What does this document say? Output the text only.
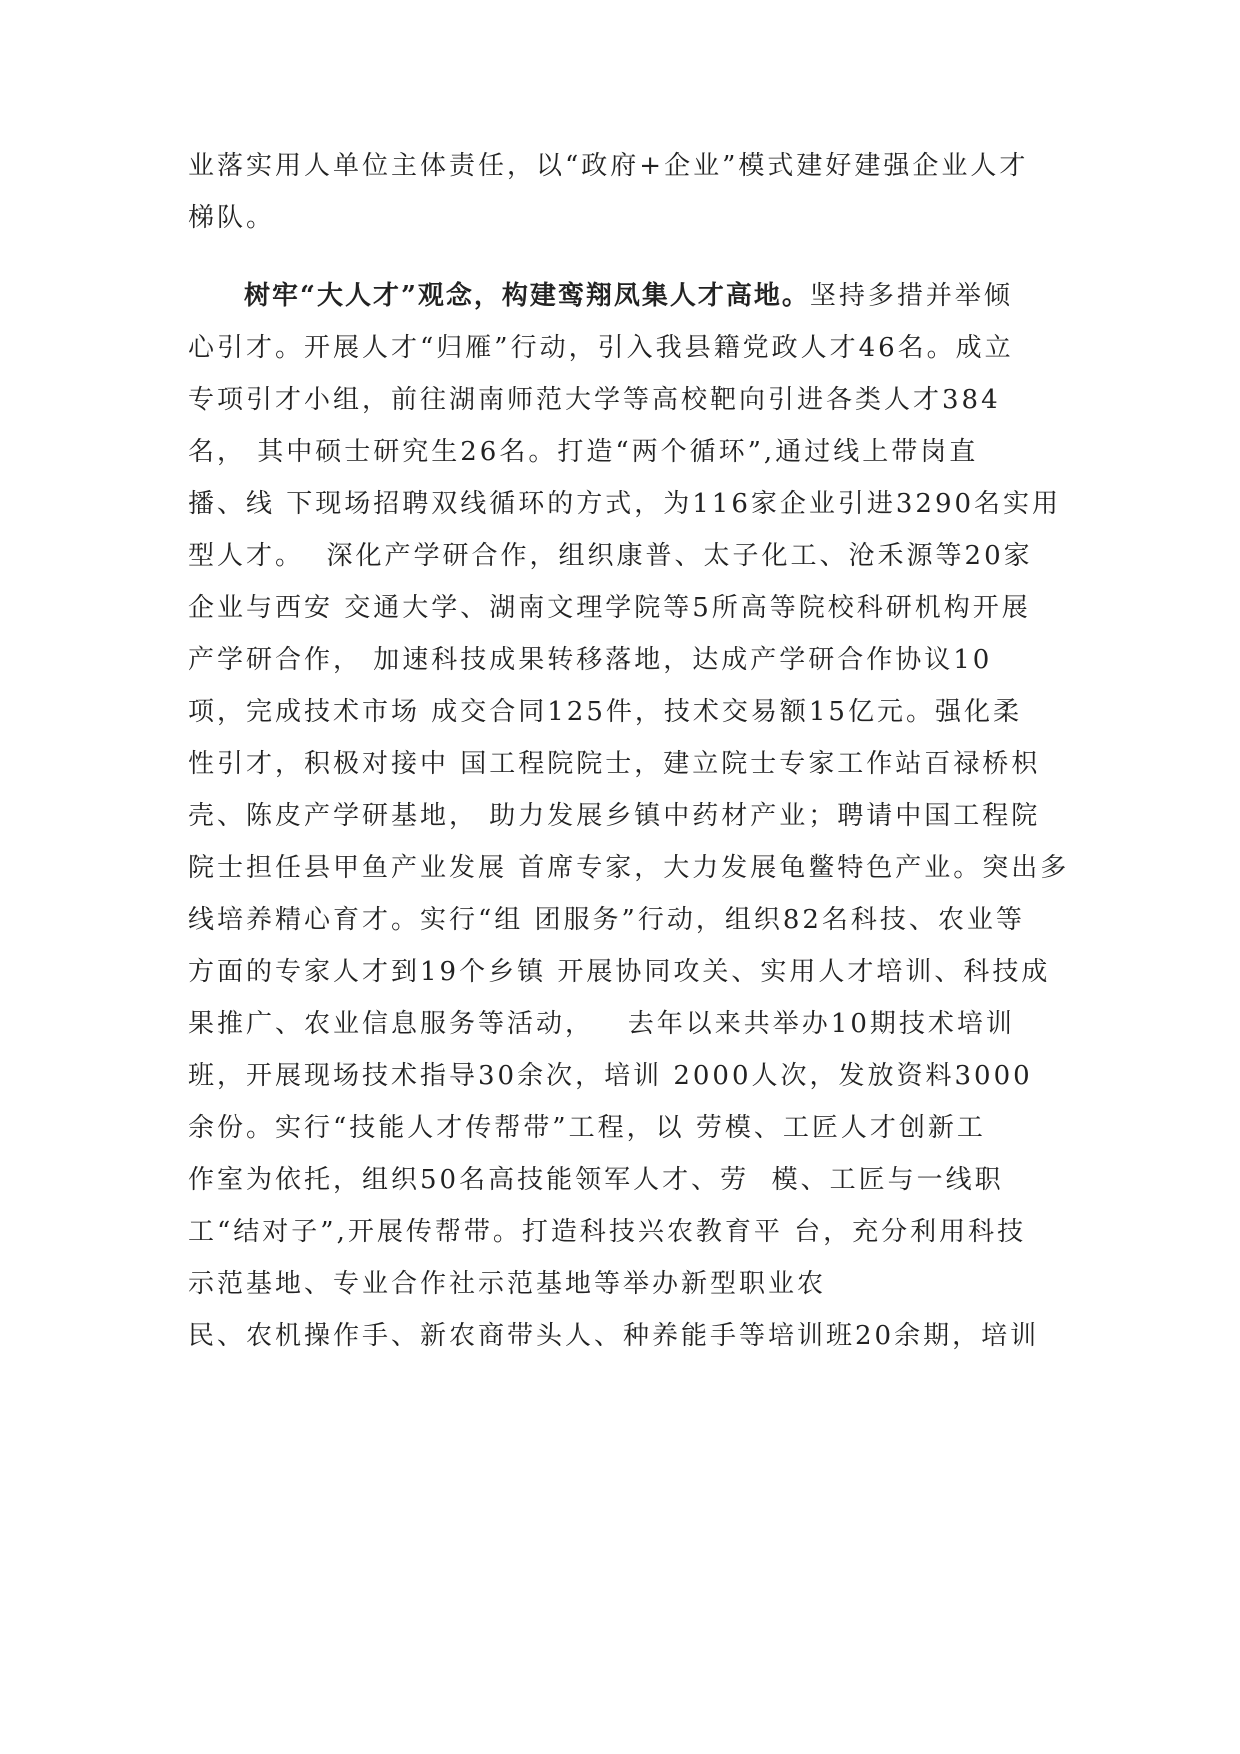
业落实用人单位主体责任，以“政府+企业”模式建好建强企业人才
梯队。
树牢“大人才”观念，构建鸾翔凤集人才高地。坚持多措并举倾
心引才。开展人才“归雁”行动，引入我县籍党政人才46名。成立
专项引才小组，前往湖南师范大学等高校靶向引进各类人才384
名， 其中硕士研究生26名。打造“两个循环”,通过线上带岗直
播、线 下现场招聘双线循环的方式，为116家企业引进3290名实用
型人才。  深化产学研合作，组织康普、太子化工、沧禾源等20家
企业与西安 交通大学、湖南文理学院等5所高等院校科研机构开展
产学研合作， 加速科技成果转移落地，达成产学研合作协议10
项，完成技术市场 成交合同125件，技术交易额15亿元。强化柔
性引才，积极对接中 国工程院院士，建立院士专家工作站百禄桥枳
壳、陈皮产学研基地， 助力发展乡镇中药材产业；聘请中国工程院
院士担任县甲鱼产业发展 首席专家，大力发展龟鳖特色产业。突出多
线培养精心育才。实行“组 团服务”行动，组织82名科技、农业等
方面的专家人才到19个乡镇 开展协同攻关、实用人才培训、科技成
果推广、农业信息服务等活动，   去年以来共举办10期技术培训
班，开展现场技术指导30余次，培训 2000人次，发放资料3000
余份。实行“技能人才传帮带”工程，以 劳模、工匠人才创新工
作室为依托，组织50名高技能领军人才、劳  模、工匠与一线职
工“结对子”,开展传帮带。打造科技兴农教育平 台，充分利用科技
示范基地、专业合作社示范基地等举办新型职业农
民、农机操作手、新农商带头人、种养能手等培训班20余期，培训
